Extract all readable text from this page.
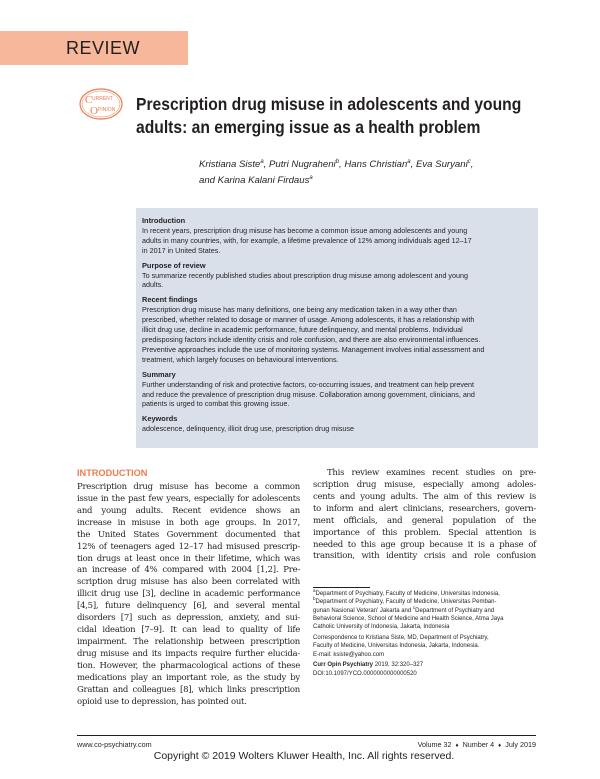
REVIEW
C URRENT
O PINION Prescription drug misuse in adolescents and young
adults: an emerging issue as a health problem
Kristiana Siste$^a$, Putri Nugraheni$^b$, Hans Christian$^a$, Eva Suryani$^c$,
and Karina Kalani Firdaus$^a$
Introduction
In recent years, prescription drug misuse has become a common issue among adolescents and young
adults in many countries, with, for example, a lifetime prevalence of 12% among individuals aged 12–17
in 2017 in United States.
Purpose of review
To summarize recently published studies about prescription drug misuse among adolescent and young
adults.
Recent findings
Prescription drug misuse has many definitions, one being any medication taken in a way other than
prescribed, whether related to dosage or manner of usage. Among adolescents, it has a relationship with
illicit drug use, decline in academic performance, future delinquency, and mental problems. Individual
predisposing factors include identity crisis and role confusion, and there are also environmental influences.
Preventive approaches include the use of monitoring systems. Management involves initial assessment and
treatment, which largely focuses on behavioural interventions.
Summary
Further understanding of risk and protective factors, co-occurring issues, and treatment can help prevent
and reduce the prevalence of prescription drug misuse. Collaboration among government, clinicians, and
patients is urged to combat this growing issue.
Keywords
adolescence, delinquency, illicit drug use, prescription drug misuse
INTRODUCTION
Prescription drug misuse has become a common
issue in the past few years, especially for adolescents
and young adults. Recent evidence shows an
increase in misuse in both age groups. In 2017,
the United States Government documented that
12% of teenagers aged 12–17 had misused prescrip-
tion drugs at least once in their lifetime, which was
an increase of 4% compared with 2004 [1,2]. Pre-
scription drug misuse has also been correlated with
illicit drug use [3], decline in academic performance
[4,5], future delinquency [6], and several mental
disorders [7] such as depression, anxiety, and sui-
cidal ideation [7–9]. It can lead to quality of life
impairment. The relationship between prescription
drug misuse and its impacts require further elucida-
tion. However, the pharmacological actions of these
medications play an important role, as the study by
Grattan and colleagues [8], which links prescription
opioid use to depression, has pointed out.
This review examines recent studies on pre-
scription drug misuse, especially among adoles-
cents and young adults. The aim of this review is
to inform and alert clinicians, researchers, govern-
ment officials, and general population of the
importance of this problem. Special attention is
needed to this age group because it is a phase of
transition, with identity crisis and role confusion

$^a$Department of Psychiatry, Faculty of Medicine, Universitas Indonesia,
$^b$Department of Psychiatry, Faculty of Medicine, Universitas Pemban-
gunan Nasional Veteran' Jakarta and $^c$Department of Psychiatry and
Behavioral Science, School of Medicine and Health Science, Atma Jaya
Catholic University of Indonesia, Jakarta, Indonesia

Correspondence to Kristiana Siste, MD, Department of Psychiatry,
Faculty of Medicine, Universitas Indonesia, Jakarta, Indonesia.
E-mail: ksiste@yahoo.com

Curr Opin Psychiatry 2019, 32:320–327

DOI:10.1097/YCO.0000000000000520

www.co-psychiatry.com	Volume 32 ♦ Number 4 ♦ July 2019
Copyright © 2019 Wolters Kluwer Health, Inc. All rights reserved.
